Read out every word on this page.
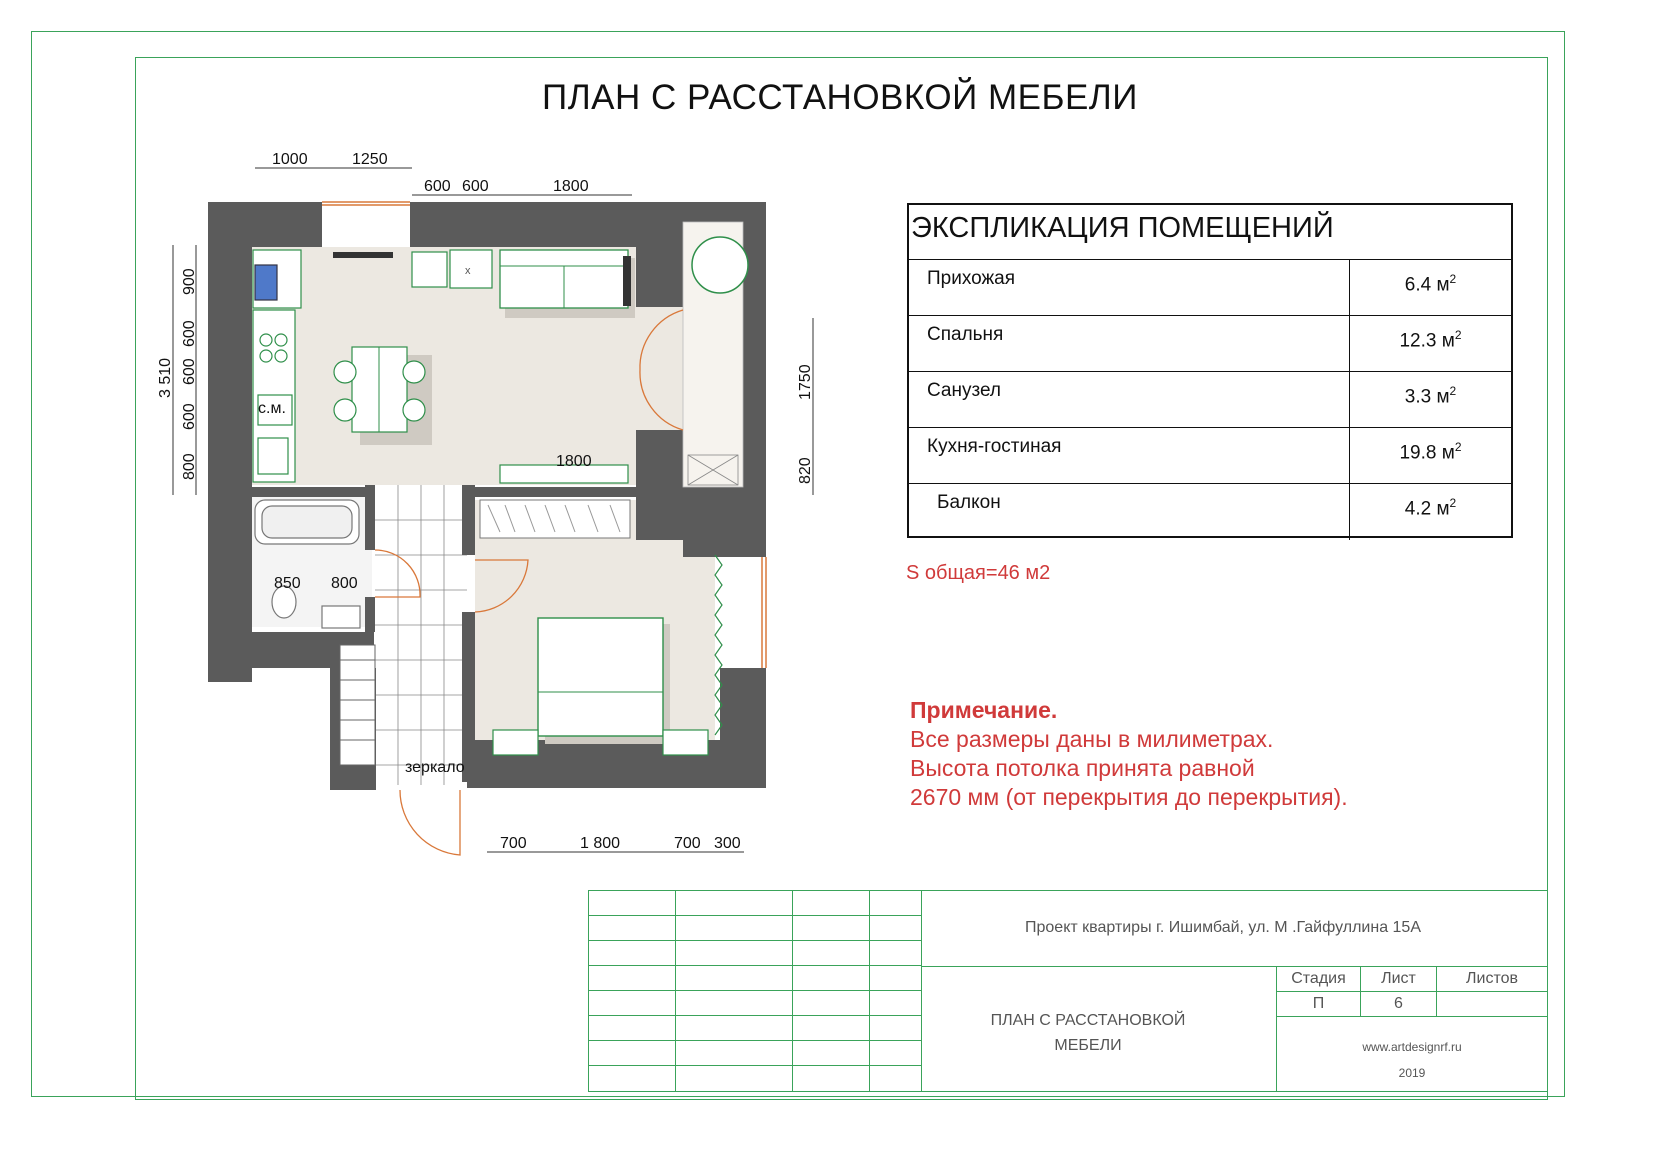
ПЛАН С РАССТАНОВКОЙ МЕБЕЛИ
с.м.
x
зеркало
1000	1250
600 600	1800
3 510
900
600
600
600
800
1750
820
1800
850 800
700	1 800	700 300
ЭКСПЛИКАЦИЯ ПОМЕЩЕНИЙ
Прихожая	6.4 $м^2$
Спальня	12.3 $м^2$
Санузел	3.3 $м^2$
Кухня-гостиная	19.8 $м^2$
Балкон	4.2 $м^2$
S общая=46 м2
Примечание.
Все размеры даны в милиметрах.
Высота потолка принята равной
2670 мм (от перекрытия до перекрытия).
Проект квартиры г. Ишимбай, ул. М .Гайфуллина 15А
ПЛАН С РАССТАНОВКОЙ
МЕБЕЛИ
Стадия	Лист	Листов
П	6
www.artdesignrf.ru
2019
